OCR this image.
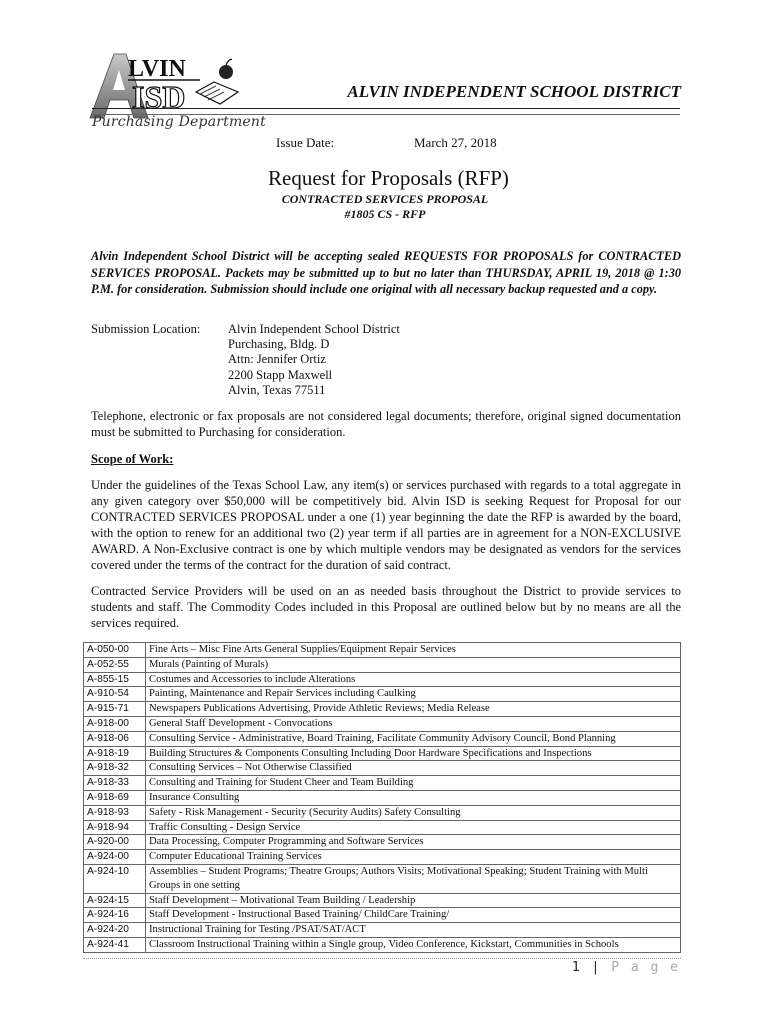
LVIN
ISD
Purchasing Department
ALVIN INDEPENDENT SCHOOL DISTRICT
Issue Date:	March 27, 2018
Request for Proposals (RFP)
CONTRACTED SERVICES PROPOSAL
#1805 CS - RFP
Alvin Independent School District will be accepting sealed REQUESTS FOR PROPOSALS for CONTRACTED SERVICES PROPOSAL. Packets may be submitted up to but no later than THURSDAY, APRIL 19, 2018 @ 1:30 P.M. for consideration. Submission should include one original with all necessary backup requested and a copy.
Submission Location: Alvin Independent School District
Purchasing, Bldg. D
Attn: Jennifer Ortiz
2200 Stapp Maxwell
Alvin, Texas 77511
Telephone, electronic or fax proposals are not considered legal documents; therefore, original signed documentation must be submitted to Purchasing for consideration.
Scope of Work:
Under the guidelines of the Texas School Law, any item(s) or services purchased with regards to a total aggregate in any given category over $50,000 will be competitively bid. Alvin ISD is seeking Request for Proposal for our CONTRACTED SERVICES PROPOSAL under a one (1) year beginning the date the RFP is awarded by the board, with the option to renew for an additional two (2) year term if all parties are in agreement for a NON-EXCLUSIVE AWARD. A Non-Exclusive contract is one by which multiple vendors may be designated as vendors for the services covered under the terms of the contract for the duration of said contract.
Contracted Service Providers will be used on an as needed basis throughout the District to provide services to students and staff. The Commodity Codes included in this Proposal are outlined below but by no means are all the services required.
A-050-00	Fine Arts – Misc Fine Arts General Supplies/Equipment Repair Services
A-052-55	Murals (Painting of Murals)
A-855-15	Costumes and Accessories to include Alterations
A-910-54	Painting, Maintenance and Repair Services including Caulking
A-915-71	Newspapers Publications Advertising, Provide Athletic Reviews; Media Release
A-918-00	General Staff Development - Convocations
A-918-06	Consulting Service - Administrative, Board Training, Facilitate Community Advisory Council, Bond Planning
A-918-19	Building Structures & Components Consulting Including Door Hardware Specifications and Inspections
A-918-32	Consulting Services – Not Otherwise Classified
A-918-33	Consulting and Training for Student Cheer and Team Building
A-918-69	Insurance Consulting
A-918-93	Safety - Risk Management - Security (Security Audits) Safety Consulting
A-918-94	Traffic Consulting - Design Service
A-920-00	Data Processing, Computer Programming and Software Services
A-924-00	Computer Educational Training Services
A-924-10	Assemblies – Student Programs; Theatre Groups; Authors Visits; Motivational Speaking; Student Training with Multi Groups in one setting
A-924-15	Staff Development – Motivational Team Building / Leadership
A-924-16	Staff Development - Instructional Based Training/ ChildCare Training/
A-924-20	Instructional Training for Testing /PSAT/SAT/ACT
A-924-41	Classroom Instructional Training within a Single group, Video Conference, Kickstart, Communities in Schools
1 | P a g e
